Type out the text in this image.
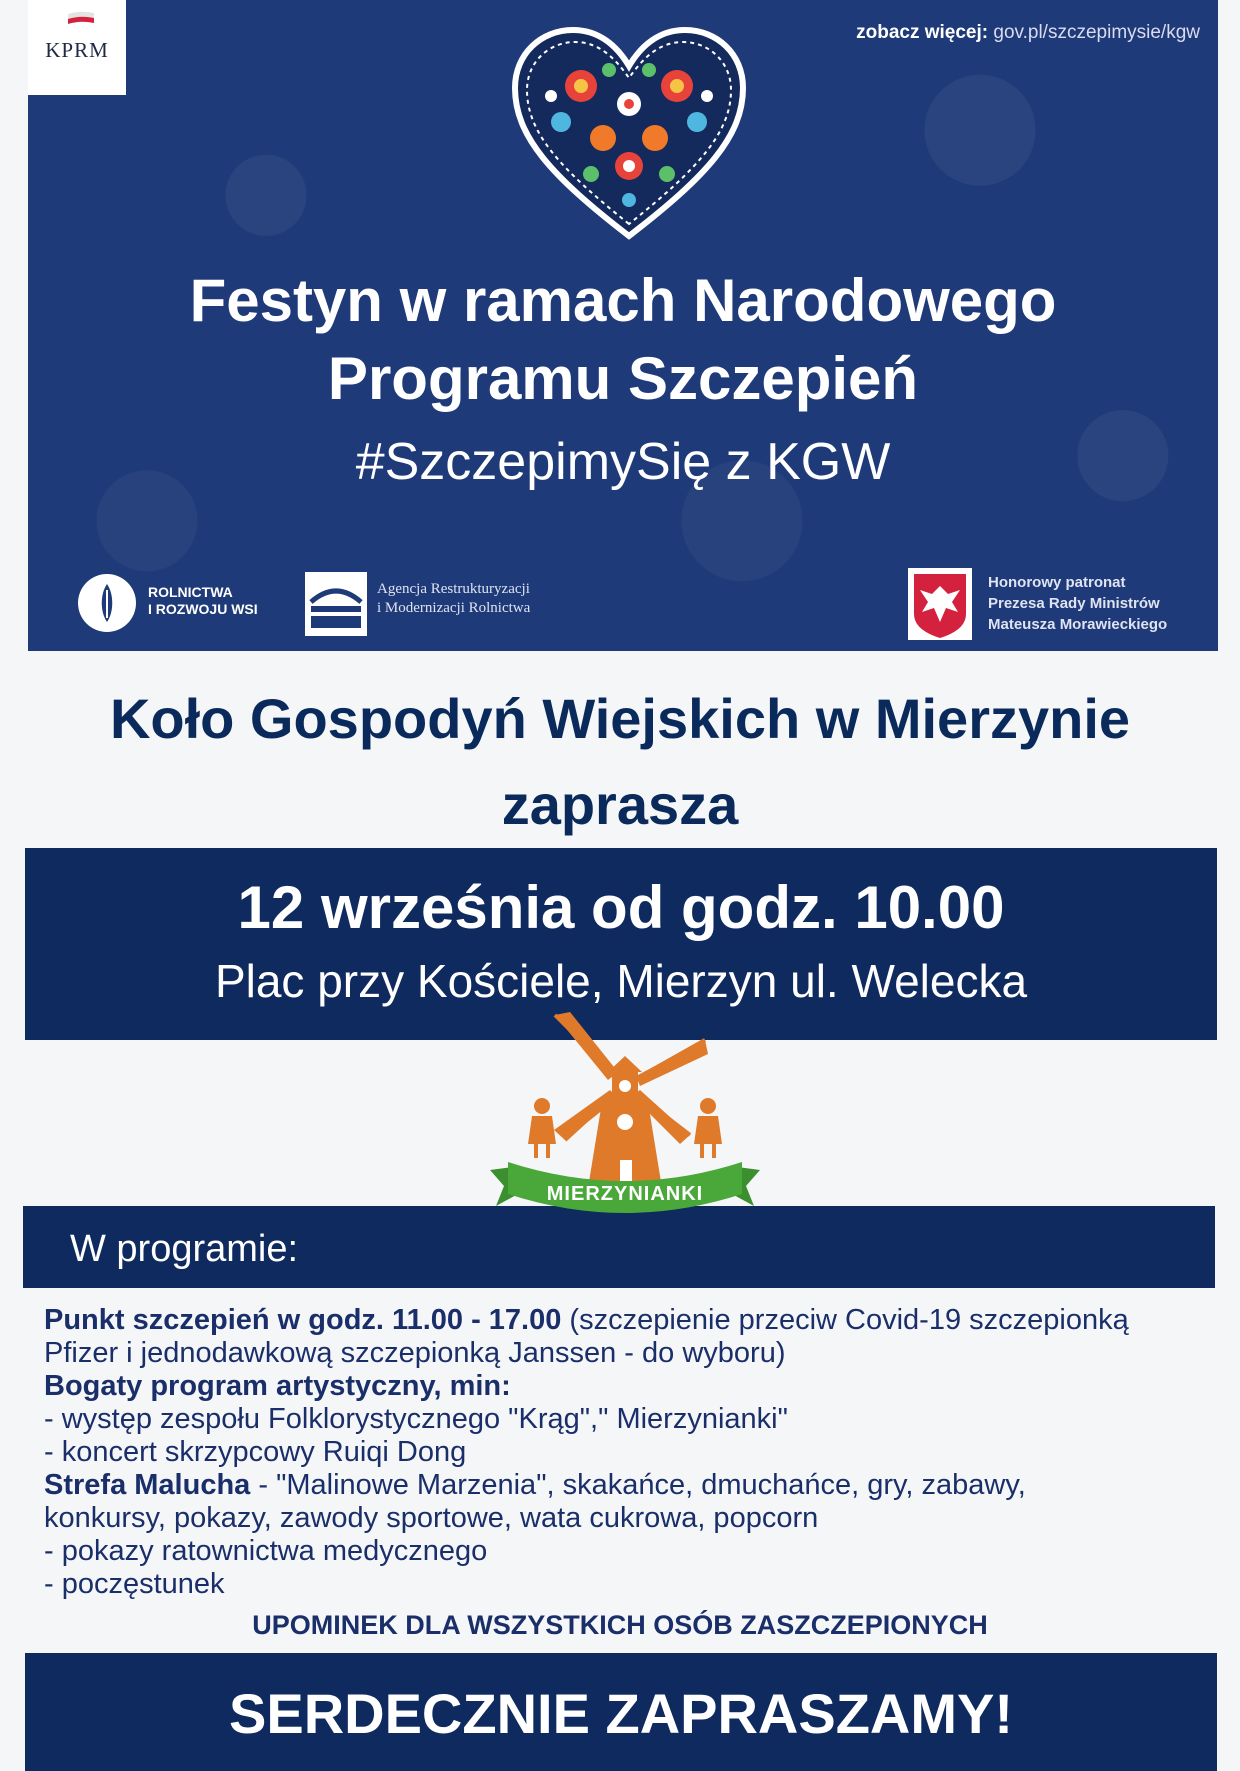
KPRM
zobacz więcej: gov.pl/szczepimysie/kgw
Festyn w ramach Narodowego
Programu Szczepień
#SzczepimySię z KGW
ROLNICTWA
I ROZWOJU WSI
Agencja Restrukturyzacji
i Modernizacji Rolnictwa
Honorowy patronat
Prezesa Rady Ministrów
Mateusza Morawieckiego
Koło Gospodyń Wiejskich w Mierzynie
zaprasza
12 września od godz. 10.00
Plac przy Kościele, Mierzyn ul. Welecka
W programie:
MIERZYNIANKI
Punkt szczepień w godz. 11.00 - 17.00 (szczepienie przeciw Covid-19 szczepionką
Pfizer i jednodawkową szczepionką Janssen - do wyboru)
Bogaty program artystyczny, min:
- występ zespołu Folklorystycznego "Krąg"," Mierzynianki"
- koncert skrzypcowy Ruiqi Dong
Strefa Malucha - "Malinowe Marzenia", skakańce, dmuchańce, gry, zabawy,
konkursy, pokazy, zawody sportowe, wata cukrowa, popcorn
- pokazy ratownictwa medycznego
- poczęstunek
UPOMINEK DLA WSZYSTKICH OSÓB ZASZCZEPIONYCH
SERDECZNIE ZAPRASZAMY!
